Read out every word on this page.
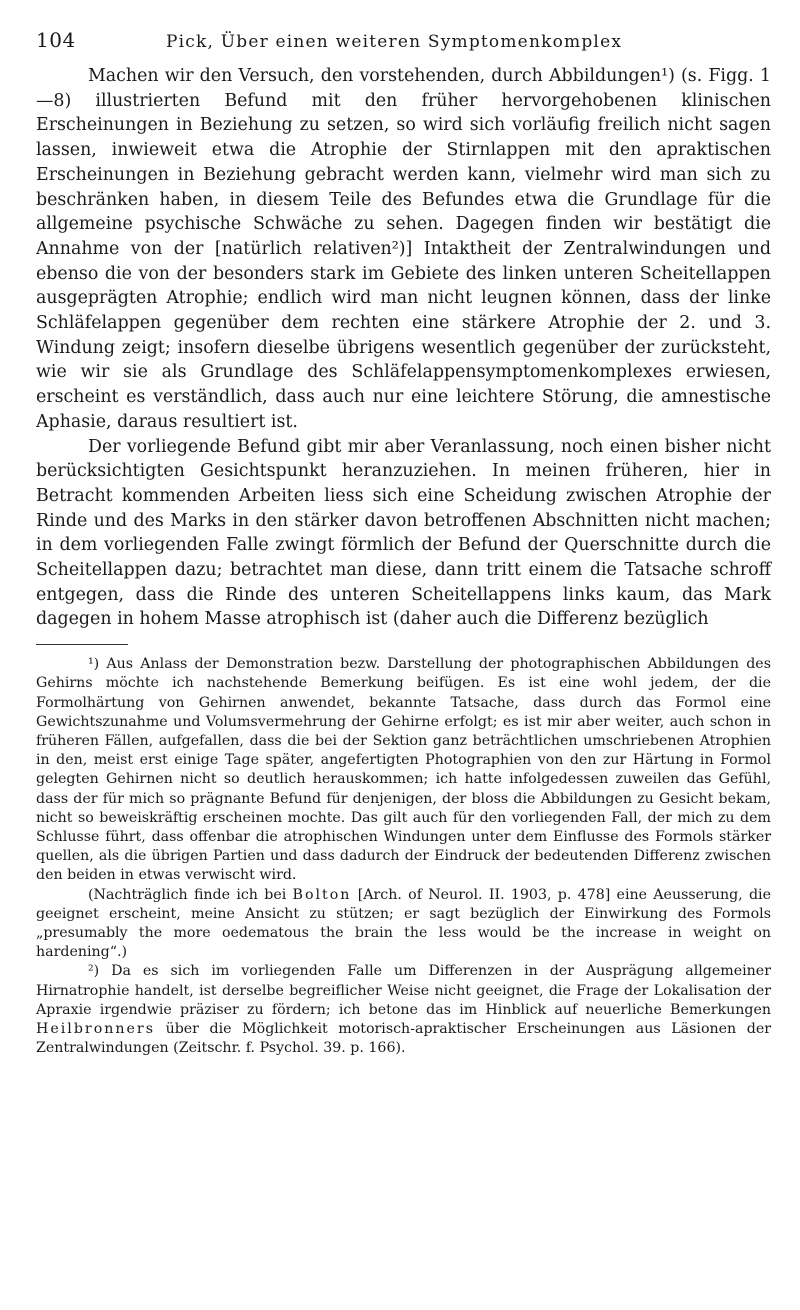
104	Pick, Über einen weiteren Symptomenkomplex

Machen wir den Versuch, den vorstehenden, durch Abbildungen¹) (s. Figg. 1—8) illustrierten Befund mit den früher hervorgehobenen klinischen Erscheinungen in Beziehung zu setzen, so wird sich vorläufig freilich nicht sagen lassen, inwieweit etwa die Atrophie der Stirnlappen mit den apraktischen Erscheinungen in Beziehung gebracht werden kann, vielmehr wird man sich zu beschränken haben, in diesem Teile des Befundes etwa die Grundlage für die allgemeine psychische Schwäche zu sehen. Dagegen finden wir bestätigt die Annahme von der [natürlich relativen²)] Intaktheit der Zentralwindungen und ebenso die von der besonders stark im Gebiete des linken unteren Scheitellappen ausgeprägten Atrophie; endlich wird man nicht leugnen können, dass der linke Schläfelappen gegenüber dem rechten eine stärkere Atrophie der 2. und 3. Windung zeigt; insofern dieselbe übrigens wesentlich gegenüber der zurücksteht, wie wir sie als Grundlage des Schläfelappensymptomenkomplexes erwiesen, erscheint es verständlich, dass auch nur eine leichtere Störung, die amnestische Aphasie, daraus resultiert ist.

Der vorliegende Befund gibt mir aber Veranlassung, noch einen bisher nicht berücksichtigten Gesichtspunkt heranzuziehen. In meinen früheren, hier in Betracht kommenden Arbeiten liess sich eine Scheidung zwischen Atrophie der Rinde und des Marks in den stärker davon betroffenen Abschnitten nicht machen; in dem vorliegenden Falle zwingt förmlich der Befund der Querschnitte durch die Scheitellappen dazu; betrachtet man diese, dann tritt einem die Tatsache schroff entgegen, dass die Rinde des unteren Scheitellappens links kaum, das Mark dagegen in hohem Masse atrophisch ist (daher auch die Differenz bezüglich

¹) Aus Anlass der Demonstration bezw. Darstellung der photographischen Abbildungen des Gehirns möchte ich nachstehende Bemerkung beifügen. Es ist eine wohl jedem, der die Formolhärtung von Gehirnen anwendet, bekannte Tatsache, dass durch das Formol eine Gewichtszunahme und Volumsvermehrung der Gehirne erfolgt; es ist mir aber weiter, auch schon in früheren Fällen, aufgefallen, dass die bei der Sektion ganz beträchtlichen umschriebenen Atrophien in den, meist erst einige Tage später, angefertigten Photographien von den zur Härtung in Formol gelegten Gehirnen nicht so deutlich herauskommen; ich hatte infolgedessen zuweilen das Gefühl, dass der für mich so prägnante Befund für denjenigen, der bloss die Abbildungen zu Gesicht bekam, nicht so beweiskräftig erscheinen mochte. Das gilt auch für den vorliegenden Fall, der mich zu dem Schlusse führt, dass offenbar die atrophischen Windungen unter dem Einflusse des Formols stärker quellen, als die übrigen Partien und dass dadurch der Eindruck der bedeutenden Differenz zwischen den beiden in etwas verwischt wird.

(Nachträglich finde ich bei Bolton [Arch. of Neurol. II. 1903, p. 478] eine Aeusserung, die geeignet erscheint, meine Ansicht zu stützen; er sagt bezüglich der Einwirkung des Formols „presumably the more oedematous the brain the less would be the increase in weight on hardening“.)

²) Da es sich im vorliegenden Falle um Differenzen in der Ausprägung allgemeiner Hirnatrophie handelt, ist derselbe begreiflicher Weise nicht geeignet, die Frage der Lokalisation der Apraxie irgendwie präziser zu fördern; ich betone das im Hinblick auf neuerliche Bemerkungen Heilbronners über die Möglichkeit motorisch-apraktischer Erscheinungen aus Läsionen der Zentralwindungen (Zeitschr. f. Psychol. 39. p. 166).
